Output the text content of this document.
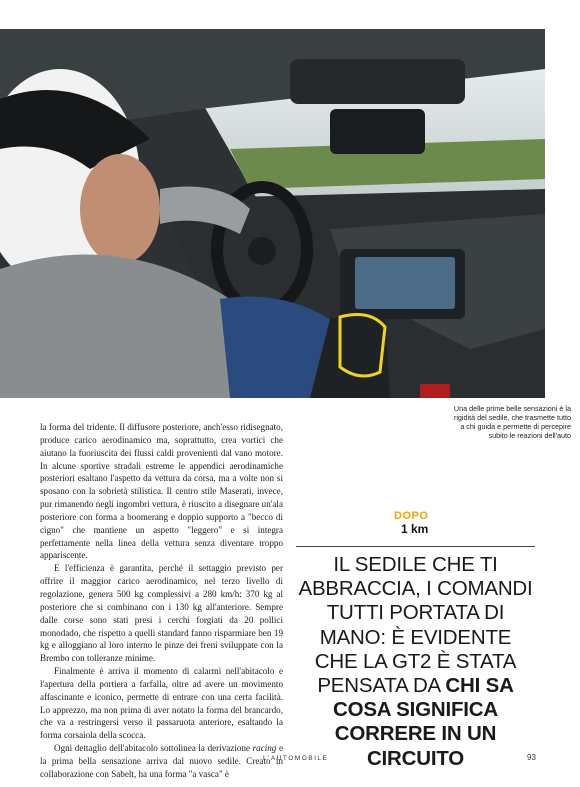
Una delle prime belle sensazioni è la rigidità del sedile, che trasmette tutto a chi guida e permette di percepire subito le reazioni dell'auto

la forma del tridente. Il diffusore posteriore, anch'esso ridisegnato, produce carico aerodinamico ma, soprattutto, crea vortici che aiutano la fuoriuscita dei flussi caldi provenienti dal vano motore. In alcune sportive stradali estreme le appendici aerodinamiche posteriori esaltano l'aspetto da vettura da corsa, ma a volte non si sposano con la sobrietà stilistica. Il centro stile Maserati, invece, pur rimanendo negli ingombri vettura, è riuscito a disegnare un'ala posteriore con forma a boomerang e doppio supporto a "becco di cigno" che mantiene un aspetto "leggero" e si integra perfettamente nella linea della vettura senza diventare troppo appariscente.

E l'efficienza è garantita, perché il settaggio previsto per offrire il maggior carico aerodinamico, nel terzo livello di regolazione, genera 500 kg complessivi a 280 km/h: 370 kg al posteriore che si combinano con i 130 kg all'anteriore. Sempre dalle corse sono stati presi i cerchi forgiati da 20 pollici monodado, che rispetto a quelli standard fanno risparmiare ben 19 kg e alloggiano al loro interno le pinze dei freni sviluppate con la Brembo con tolleranze minime.

Finalmente è arriva il momento di calarmi nell'abitacolo e l'apertura della portiera a farfalla, oltre ad avere un movimento affascinante e iconico, permette di entrare con una certa facilità. Lo apprezzo, ma non prima di aver notato la forma del brancardo, che va a restringersi verso il passaruota anteriore, esaltando la forma corsaiola della scocca.

Ogni dettaglio dell'abitacolo sottolinea la derivazione racing e la prima bella sensazione arriva dal nuovo sedile. Creato in collaborazione con Sabelt, ha una forma "a vasca" è

DOPO
1 km
IL SEDILE CHE TI ABBRACCIA, I COMANDI TUTTI PORTATA DI MANO: È EVIDENTE CHE LA GT2 È STATA PENSATA DA CHI SA COSA SIGNIFICA CORRERE IN UN CIRCUITO
L'AUTOMOBILE	93
